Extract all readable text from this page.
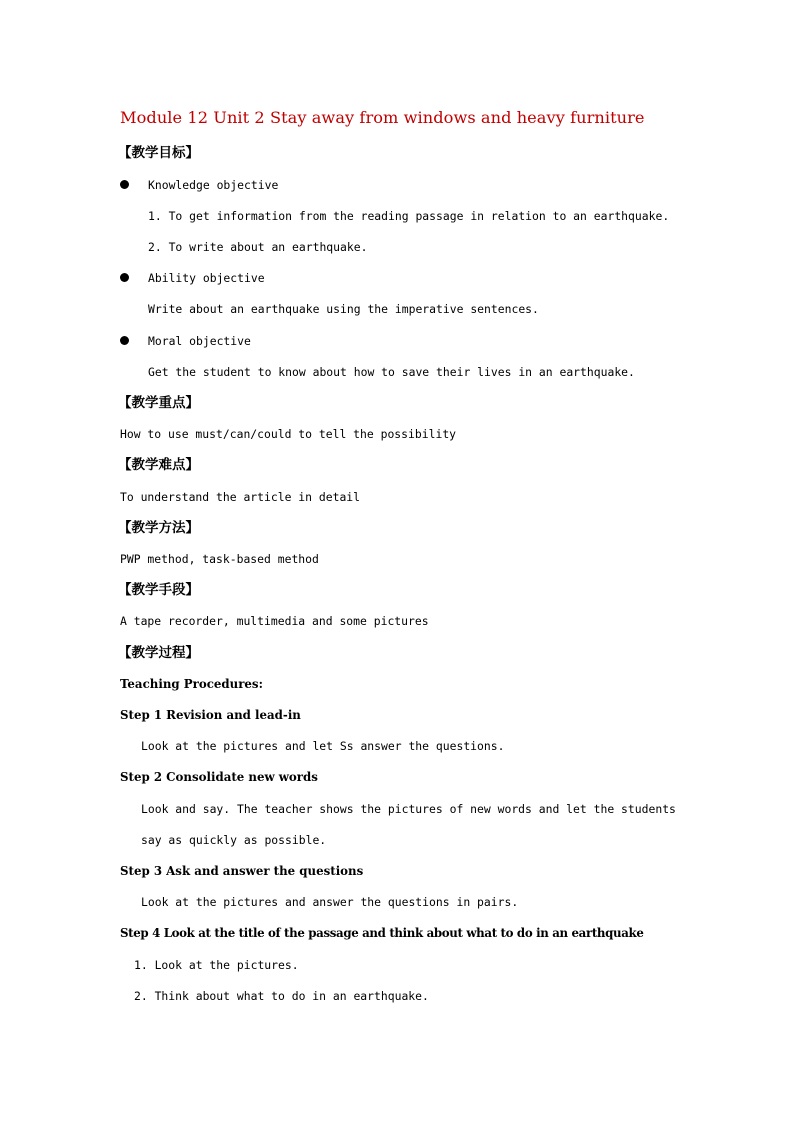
Module 12 Unit 2 Stay away from windows and heavy furniture
【教学目标】
Knowledge objective
1. To get information from the reading passage in relation to an earthquake.
2. To write about an earthquake.
Ability objective
Write about an earthquake using the imperative sentences.
Moral objective
Get the student to know about how to save their lives in an earthquake.
【教学重点】
How to use must/can/could to tell the possibility
【教学难点】
To understand the article in detail
【教学方法】
PWP method, task-based method
【教学手段】
A tape recorder, multimedia and some pictures
【教学过程】
Teaching Procedures:
Step 1 Revision and lead-in
Look at the pictures and let Ss answer the questions.
Step 2 Consolidate new words
Look and say. The teacher shows the pictures of new words and let the students
say as quickly as possible.
Step 3 Ask and answer the questions
Look at the pictures and answer the questions in pairs.
Step 4 Look at the title of the passage and think about what to do in an earthquake
1. Look at the pictures.
2. Think about what to do in an earthquake.
